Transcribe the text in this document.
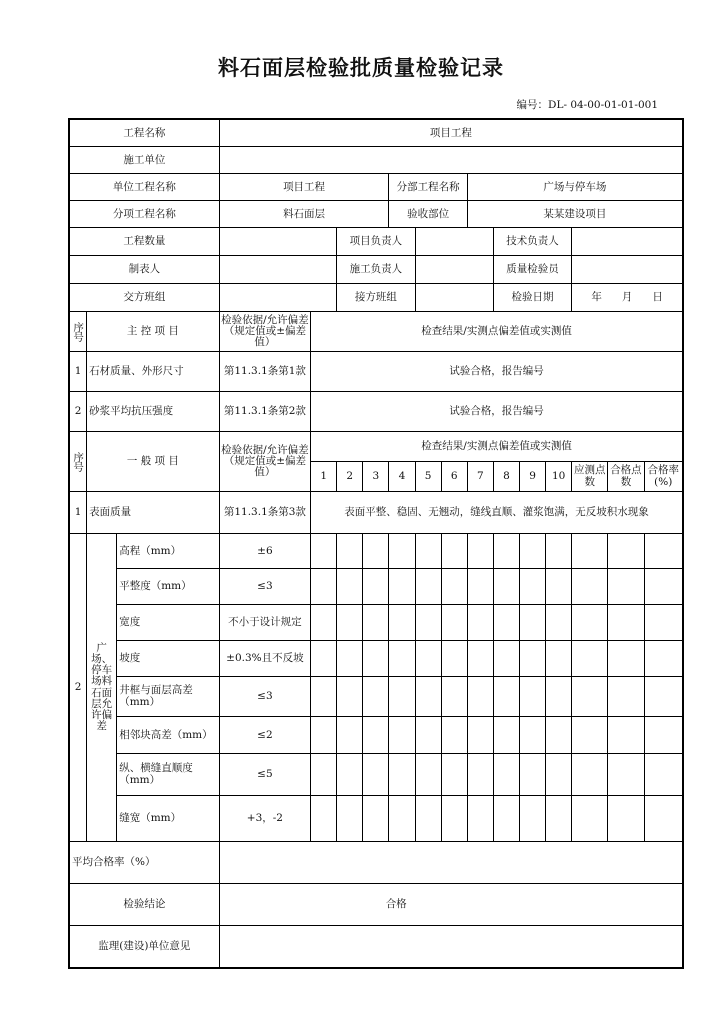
料石面层检验批质量检验记录
编号：DL- 04-00-01-01-001
工程名称			项目工程													
施工单位																
单位工程名称			项目工程				分部工程名称			广场与停车场						
分项工程名称			料石面层				验收部位			某某建设项目						
工程数量					项目负责人						技术负责人					
制表人					施工负责人						质量检验员					
交方班组					接方班组						检验日期			年 月 日		
序号	主 控 项 目		检验依据/允许偏差（规定值或±偏差值）	检查结果/实测点偏差值或实测值												
1	石材质量、外形尺寸		第11.3.1条第1款	试验合格，报告编号												
2	砂浆平均抗压强度		第11.3.1条第2款	试验合格，报告编号												
序号	一 般 项 目		检验依据/允许偏差（规定值或±偏差值）	检查结果/实测点偏差值或实测值												
				1	2	3	4	5	6	7	8	9	10	应测点数	合格点数	合格率(%)
1	表面质量		第11.3.1条第3款	表面平整、稳固、无翘动，缝线直顺、灌浆饱满，无反坡积水现象												
2	广场、停车场料石面层允许偏差	高程（mm）	±6													
		平整度（mm）	≤3													
		宽度	不小于设计规定													
		坡度	±0.3%且不反坡													
		井框与面层高差（mm）	≤3													
		相邻块高差（mm）	≤2													
		纵、横缝直顺度（mm）	≤5													
		缝宽（mm）	+3，-2													
平均合格率（%）																
检验结论			合格													
监理(建设)单位意见																
